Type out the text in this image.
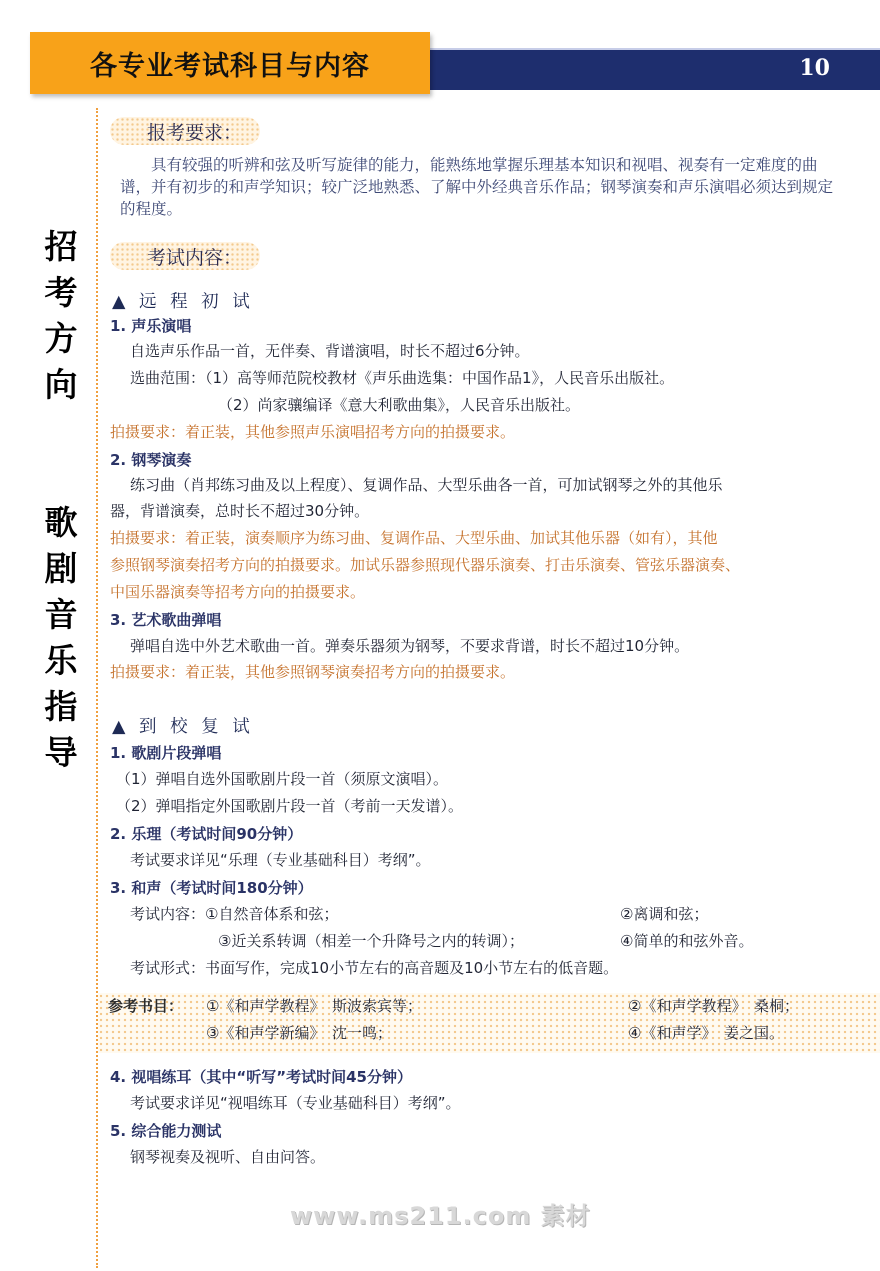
各专业考试科目与内容	10
招
考
方
向
歌
剧
音
乐
指
导
报考要求：
具有较强的听辨和弦及听写旋律的能力，能熟练地掌握乐理基本知识和视唱、视奏有一定难度的曲谱，并有初步的和声学知识；较广泛地熟悉、了解中外经典音乐作品；钢琴演奏和声乐演唱必须达到规定的程度。
考试内容：
▲ 远 程 初 试
1. 声乐演唱
自选声乐作品一首，无伴奏、背谱演唱，时长不超过6分钟。
选曲范围：（1）高等师范院校教材《声乐曲选集：中国作品1》，人民音乐出版社。
（2）尚家骧编译《意大利歌曲集》，人民音乐出版社。
拍摄要求：着正装，其他参照声乐演唱招考方向的拍摄要求。
2. 钢琴演奏
练习曲（肖邦练习曲及以上程度）、复调作品、大型乐曲各一首，可加试钢琴之外的其他乐
器，背谱演奏，总时长不超过30分钟。
拍摄要求：着正装，演奏顺序为练习曲、复调作品、大型乐曲、加试其他乐器（如有），其他
参照钢琴演奏招考方向的拍摄要求。加试乐器参照现代器乐演奏、打击乐演奏、管弦乐器演奏、
中国乐器演奏等招考方向的拍摄要求。
3. 艺术歌曲弹唱
弹唱自选中外艺术歌曲一首。弹奏乐器须为钢琴，不要求背谱，时长不超过10分钟。
拍摄要求：着正装，其他参照钢琴演奏招考方向的拍摄要求。
▲ 到 校 复 试
1. 歌剧片段弹唱
（1）弹唱自选外国歌剧片段一首（须原文演唱）。
（2）弹唱指定外国歌剧片段一首（考前一天发谱）。
2. 乐理（考试时间90分钟）
考试要求详见“乐理（专业基础科目）考纲”。
3. 和声（考试时间180分钟）
考试内容：①自然音体系和弦；	②离调和弦；
③近关系转调（相差一个升降号之内的转调）；	④简单的和弦外音。
考试形式：书面写作，完成10小节左右的高音题及10小节左右的低音题。
参考书目： ①《和声学教程》　斯波索宾等；	②《和声学教程》　桑桐；
③《和声学新编》　沈一鸣；	④《和声学》　姜之国。
4. 视唱练耳（其中“听写”考试时间45分钟）
考试要求详见“视唱练耳（专业基础科目）考纲”。
5. 综合能力测试
钢琴视奏及视听、自由问答。
www.ms211.com 素材
